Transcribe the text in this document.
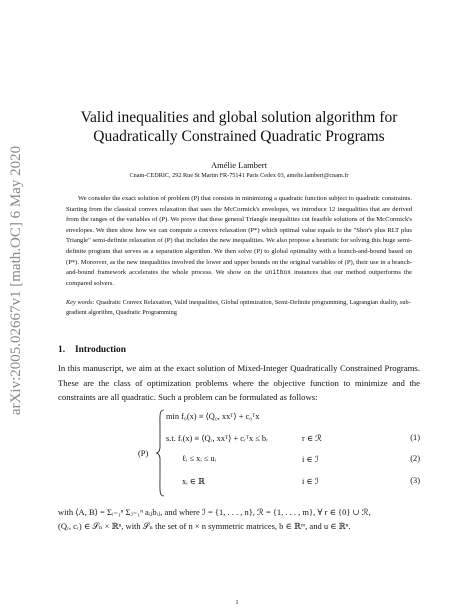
arXiv:2005.02667v1 [math.OC] 6 May 2020
Valid inequalities and global solution algorithm for
Quadratically Constrained Quadratic Programs
Amélie Lambert
Cnam-CEDRIC, 292 Rue St Martin FR-75141 Paris Cedex 03, amelie.lambert@cnam.fr

We consider the exact solution of problem (P) that consists in minimizing a quadratic function subject to quadratic constraints. Starting from the classical convex relaxation that uses the McCormick's envelopes, we introduce 12 inequalities that are derived from the ranges of the variables of (P). We prove that these general Triangle inequalities cut feasible solutions of the McCormick's envelopes. We then show how we can compute a convex relaxation (P*) which optimal value equals to the "Shor's plus RLT plus Triangle" semi-definite relaxation of (P) that includes the new inequalities. We also propose a heuristic for solving this huge semi-definite program that serves as a separation algorithm. We then solve (P) to global optimality with a branch-and-bound based on (P*). Moreover, as the new inequalities involved the lower and upper bounds on the original variables of (P), their use in a branch-and-bound framework accelerates the whole process. We show on the unitbox instances that our method outperforms the compared solvers.

Key words: Quadratic Convex Relaxation, Valid inequalities, Global optimization, Semi-Definite programming, Lagrangian duality, sub-gradient algorithm, Quadratic Programming
1. Introduction
In this manuscript, we aim at the exact solution of Mixed-Integer Quadratically Constrained Programs. These are the class of optimization problems where the objective function to minimize and the constraints are all quadratic. Such a problem can be formulated as follows:
(P)
min f₀(x) ≡ ⟨Q₀, xxᵀ⟩ + c₀ᵀx
s.t. fᵣ(x) ≡ ⟨Qᵣ, xxᵀ⟩ + cᵣᵀx ≤ bᵣ	r ∈ ℛ	(1)
ℓᵢ ≤ xᵢ ≤ uᵢ	i ∈ ℐ	(2)
xᵢ ∈ ℝ	i ∈ ℐ	(3)
with ⟨A, B⟩ = Σᵢ₌₁ⁿ Σⱼ₌₁ⁿ aᵢⱼbᵢⱼ, and where ℐ = {1, . . . , n}, ℛ = {1, . . . , m}, ∀ r ∈ {0} ∪ ℛ,
(Qᵣ, cᵣ) ∈ 𝒮ₙ × ℝⁿ, with 𝒮ₙ the set of n × n symmetric matrices, b ∈ ℝᵐ, and u ∈ ℝⁿ.
1
